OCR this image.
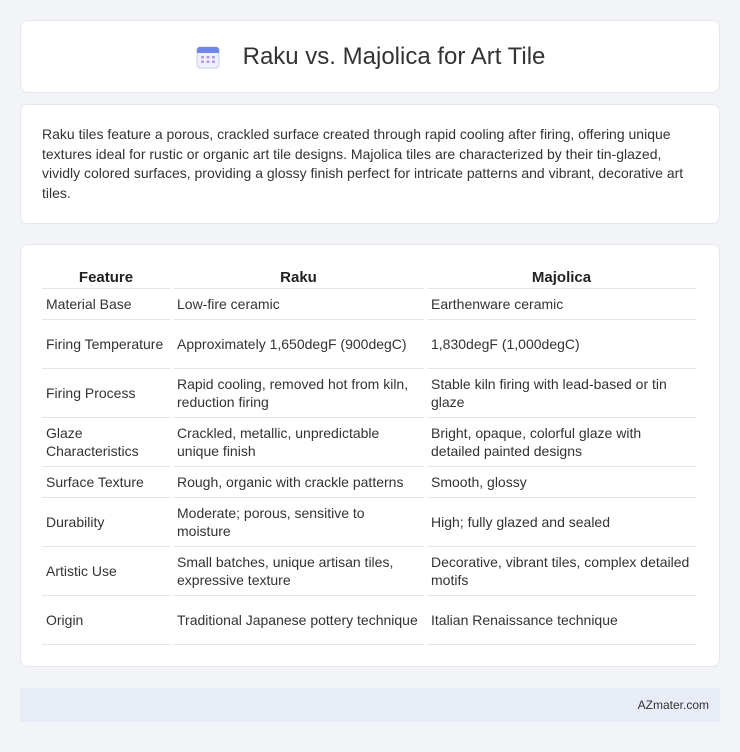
Raku vs. Majolica for Art Tile

Raku tiles feature a porous, crackled surface created through rapid cooling after firing, offering unique textures ideal for rustic or organic art tile designs. Majolica tiles are characterized by their tin-glazed, vividly colored surfaces, providing a glossy finish perfect for intricate patterns and vibrant, decorative art tiles.

Feature	Raku	Majolica
Material Base	Low-fire ceramic	Earthenware ceramic
Firing Temperature	Approximately 1,650degF (900degC)	1,830degF (1,000degC)
Firing Process	Rapid cooling, removed hot from kiln, reduction firing	Stable kiln firing with lead-based or tin glaze
Glaze Characteristics	Crackled, metallic, unpredictable unique finish	Bright, opaque, colorful glaze with detailed painted designs
Surface Texture	Rough, organic with crackle patterns	Smooth, glossy
Durability	Moderate; porous, sensitive to moisture	High; fully glazed and sealed
Artistic Use	Small batches, unique artisan tiles, expressive texture	Decorative, vibrant tiles, complex detailed motifs
Origin	Traditional Japanese pottery technique	Italian Renaissance technique
AZmater.com
